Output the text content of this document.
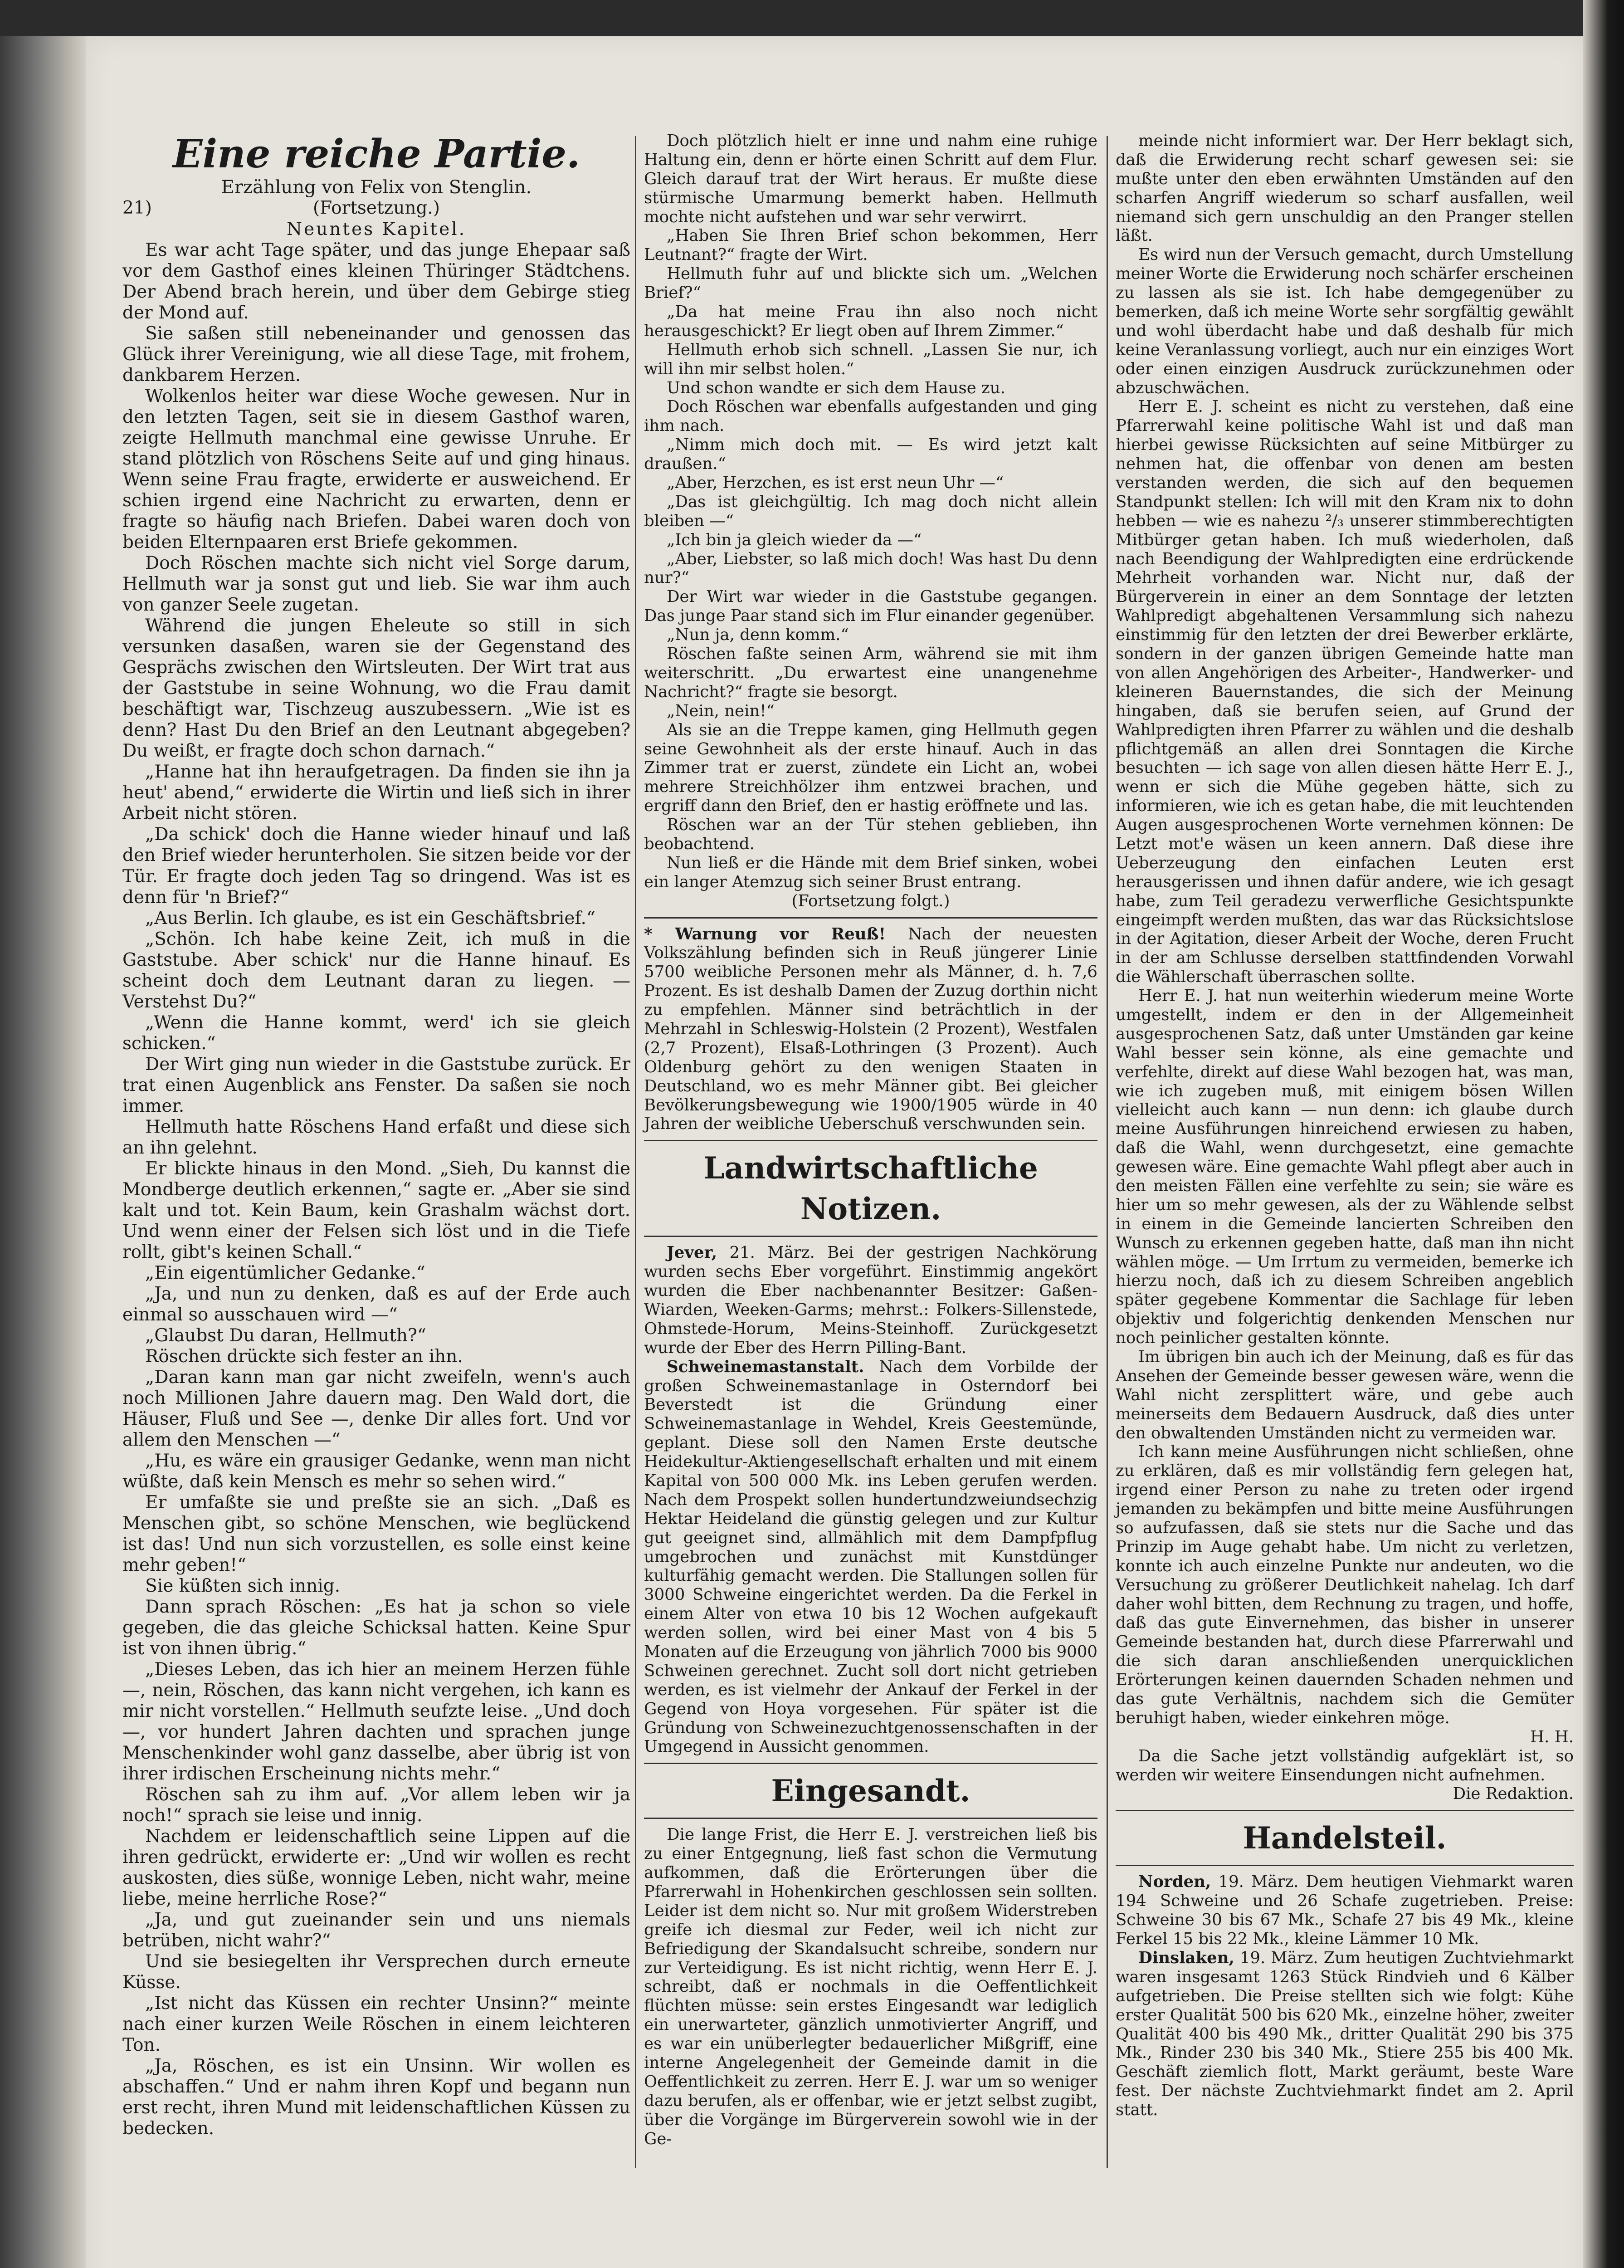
Eine reiche Partie.

Erzählung von Felix von Stenglin.

21)	(Fortsetzung.)

Neuntes Kapitel.

Es war acht Tage später, und das junge Ehepaar saß vor dem Gasthof eines kleinen Thüringer Städtchens. Der Abend brach herein, und über dem Gebirge stieg der Mond auf.

Sie saßen still nebeneinander und genossen das Glück ihrer Vereinigung, wie all diese Tage, mit frohem, dankbarem Herzen.

Wolkenlos heiter war diese Woche gewesen. Nur in den letzten Tagen, seit sie in diesem Gasthof waren, zeigte Hellmuth manchmal eine gewisse Unruhe. Er stand plötzlich von Röschens Seite auf und ging hinaus. Wenn seine Frau fragte, erwiderte er ausweichend. Er schien irgend eine Nachricht zu erwarten, denn er fragte so häufig nach Briefen. Dabei waren doch von beiden Elternpaaren erst Briefe gekommen.

Doch Röschen machte sich nicht viel Sorge darum, Hellmuth war ja sonst gut und lieb. Sie war ihm auch von ganzer Seele zugetan.

Während die jungen Eheleute so still in sich versunken dasaßen, waren sie der Gegenstand des Gesprächs zwischen den Wirtsleuten. Der Wirt trat aus der Gaststube in seine Wohnung, wo die Frau damit beschäftigt war, Tischzeug auszubessern. „Wie ist es denn? Hast Du den Brief an den Leutnant abgegeben? Du weißt, er fragte doch schon darnach.“

„Hanne hat ihn heraufgetragen. Da finden sie ihn ja heut' abend,“ erwiderte die Wirtin und ließ sich in ihrer Arbeit nicht stören.

„Da schick' doch die Hanne wieder hinauf und laß den Brief wieder herunterholen. Sie sitzen beide vor der Tür. Er fragte doch jeden Tag so dringend. Was ist es denn für 'n Brief?“

„Aus Berlin. Ich glaube, es ist ein Geschäftsbrief.“

„Schön. Ich habe keine Zeit, ich muß in die Gaststube. Aber schick' nur die Hanne hinauf. Es scheint doch dem Leutnant daran zu liegen. — Verstehst Du?“

„Wenn die Hanne kommt, werd' ich sie gleich schicken.“

Der Wirt ging nun wieder in die Gaststube zurück. Er trat einen Augenblick ans Fenster. Da saßen sie noch immer.

Hellmuth hatte Röschens Hand erfaßt und diese sich an ihn gelehnt.

Er blickte hinaus in den Mond. „Sieh, Du kannst die Mondberge deutlich erkennen,“ sagte er. „Aber sie sind kalt und tot. Kein Baum, kein Grashalm wächst dort. Und wenn einer der Felsen sich löst und in die Tiefe rollt, gibt's keinen Schall.“

„Ein eigentümlicher Gedanke.“

„Ja, und nun zu denken, daß es auf der Erde auch einmal so ausschauen wird —“

„Glaubst Du daran, Hellmuth?“

Röschen drückte sich fester an ihn.

„Daran kann man gar nicht zweifeln, wenn's auch noch Millionen Jahre dauern mag. Den Wald dort, die Häuser, Fluß und See —, denke Dir alles fort. Und vor allem den Menschen —“

„Hu, es wäre ein grausiger Gedanke, wenn man nicht wüßte, daß kein Mensch es mehr so sehen wird.“

Er umfaßte sie und preßte sie an sich. „Daß es Menschen gibt, so schöne Menschen, wie beglückend ist das! Und nun sich vorzustellen, es solle einst keine mehr geben!“

Sie küßten sich innig.

Dann sprach Röschen: „Es hat ja schon so viele gegeben, die das gleiche Schicksal hatten. Keine Spur ist von ihnen übrig.“

„Dieses Leben, das ich hier an meinem Herzen fühle —, nein, Röschen, das kann nicht vergehen, ich kann es mir nicht vorstellen.“ Hellmuth seufzte leise. „Und doch —, vor hundert Jahren dachten und sprachen junge Menschenkinder wohl ganz dasselbe, aber übrig ist von ihrer irdischen Erscheinung nichts mehr.“

Röschen sah zu ihm auf. „Vor allem leben wir ja noch!“ sprach sie leise und innig.

Nachdem er leidenschaftlich seine Lippen auf die ihren gedrückt, erwiderte er: „Und wir wollen es recht auskosten, dies süße, wonnige Leben, nicht wahr, meine liebe, meine herrliche Rose?“

„Ja, und gut zueinander sein und uns niemals betrüben, nicht wahr?“

Und sie besiegelten ihr Versprechen durch erneute Küsse.

„Ist nicht das Küssen ein rechter Unsinn?“ meinte nach einer kurzen Weile Röschen in einem leichteren Ton.

„Ja, Röschen, es ist ein Unsinn. Wir wollen es abschaffen.“ Und er nahm ihren Kopf und begann nun erst recht, ihren Mund mit leidenschaftlichen Küssen zu bedecken.

Doch plötzlich hielt er inne und nahm eine ruhige Haltung ein, denn er hörte einen Schritt auf dem Flur. Gleich darauf trat der Wirt heraus. Er mußte diese stürmische Umarmung bemerkt haben. Hellmuth mochte nicht aufstehen und war sehr verwirrt.

„Haben Sie Ihren Brief schon bekommen, Herr Leutnant?“ fragte der Wirt.

Hellmuth fuhr auf und blickte sich um. „Welchen Brief?“

„Da hat meine Frau ihn also noch nicht herausgeschickt? Er liegt oben auf Ihrem Zimmer.“

Hellmuth erhob sich schnell. „Lassen Sie nur, ich will ihn mir selbst holen.“

Und schon wandte er sich dem Hause zu.

Doch Röschen war ebenfalls aufgestanden und ging ihm nach.

„Nimm mich doch mit. — Es wird jetzt kalt draußen.“

„Aber, Herzchen, es ist erst neun Uhr —“

„Das ist gleichgültig. Ich mag doch nicht allein bleiben —“

„Ich bin ja gleich wieder da —“

„Aber, Liebster, so laß mich doch! Was hast Du denn nur?“

Der Wirt war wieder in die Gaststube gegangen. Das junge Paar stand sich im Flur einander gegenüber.

„Nun ja, denn komm.“

Röschen faßte seinen Arm, während sie mit ihm weiterschritt. „Du erwartest eine unangenehme Nachricht?“ fragte sie besorgt.

„Nein, nein!“

Als sie an die Treppe kamen, ging Hellmuth gegen seine Gewohnheit als der erste hinauf. Auch in das Zimmer trat er zuerst, zündete ein Licht an, wobei mehrere Streichhölzer ihm entzwei brachen, und ergriff dann den Brief, den er hastig eröffnete und las.

Röschen war an der Tür stehen geblieben, ihn beobachtend.

Nun ließ er die Hände mit dem Brief sinken, wobei ein langer Atemzug sich seiner Brust entrang.

(Fortsetzung folgt.)

* Warnung vor Reuß! Nach der neuesten Volkszählung befinden sich in Reuß jüngerer Linie 5700 weibliche Personen mehr als Männer, d. h. 7,6 Prozent. Es ist deshalb Damen der Zuzug dorthin nicht zu empfehlen. Männer sind beträchtlich in der Mehrzahl in Schleswig-Holstein (2 Prozent), Westfalen (2,7 Prozent), Elsaß-Lothringen (3 Prozent). Auch Oldenburg gehört zu den wenigen Staaten in Deutschland, wo es mehr Männer gibt. Bei gleicher Bevölkerungsbewegung wie 1900/1905 würde in 40 Jahren der weibliche Ueberschuß verschwunden sein.

Landwirtschaftliche Notizen.

Jever, 21. März. Bei der gestrigen Nachkörung wurden sechs Eber vorgeführt. Einstimmig angekört wurden die Eber nachbenannter Besitzer: Gaßen-Wiarden, Weeken-Garms; mehrst.: Folkers-Sillenstede, Ohmstede-Horum, Meins-Steinhoff. Zurückgesetzt wurde der Eber des Herrn Pilling-Bant.

Schweinemastanstalt. Nach dem Vorbilde der großen Schweinemastanlage in Osterndorf bei Beverstedt ist die Gründung einer Schweinemastanlage in Wehdel, Kreis Geestemünde, geplant. Diese soll den Namen Erste deutsche Heidekultur-Aktiengesellschaft erhalten und mit einem Kapital von 500 000 Mk. ins Leben gerufen werden. Nach dem Prospekt sollen hundertundzweiundsechzig Hektar Heideland die günstig gelegen und zur Kultur gut geeignet sind, allmählich mit dem Dampfpflug umgebrochen und zunächst mit Kunstdünger kulturfähig gemacht werden. Die Stallungen sollen für 3000 Schweine eingerichtet werden. Da die Ferkel in einem Alter von etwa 10 bis 12 Wochen aufgekauft werden sollen, wird bei einer Mast von 4 bis 5 Monaten auf die Erzeugung von jährlich 7000 bis 9000 Schweinen gerechnet. Zucht soll dort nicht getrieben werden, es ist vielmehr der Ankauf der Ferkel in der Gegend von Hoya vorgesehen. Für später ist die Gründung von Schweinezuchtgenossenschaften in der Umgegend in Aussicht genommen.

Eingesandt.

Die lange Frist, die Herr E. J. verstreichen ließ bis zu einer Entgegnung, ließ fast schon die Vermutung aufkommen, daß die Erörterungen über die Pfarrerwahl in Hohenkirchen geschlossen sein sollten. Leider ist dem nicht so. Nur mit großem Widerstreben greife ich diesmal zur Feder, weil ich nicht zur Befriedigung der Skandalsucht schreibe, sondern nur zur Verteidigung. Es ist nicht richtig, wenn Herr E. J. schreibt, daß er nochmals in die Oeffentlichkeit flüchten müsse: sein erstes Eingesandt war lediglich ein unerwarteter, gänzlich unmotivierter Angriff, und es war ein unüberlegter bedauerlicher Mißgriff, eine interne Angelegenheit der Gemeinde damit in die Oeffentlichkeit zu zerren. Herr E. J. war um so weniger dazu berufen, als er offenbar, wie er jetzt selbst zugibt, über die Vorgänge im Bürgerverein sowohl wie in der Ge-

meinde nicht informiert war. Der Herr beklagt sich, daß die Erwiderung recht scharf gewesen sei: sie mußte unter den eben erwähnten Umständen auf den scharfen Angriff wiederum so scharf ausfallen, weil niemand sich gern unschuldig an den Pranger stellen läßt.

Es wird nun der Versuch gemacht, durch Umstellung meiner Worte die Erwiderung noch schärfer erscheinen zu lassen als sie ist. Ich habe demgegenüber zu bemerken, daß ich meine Worte sehr sorgfältig gewählt und wohl überdacht habe und daß deshalb für mich keine Veranlassung vorliegt, auch nur ein einziges Wort oder einen einzigen Ausdruck zurückzunehmen oder abzuschwächen.

Herr E. J. scheint es nicht zu verstehen, daß eine Pfarrerwahl keine politische Wahl ist und daß man hierbei gewisse Rücksichten auf seine Mitbürger zu nehmen hat, die offenbar von denen am besten verstanden werden, die sich auf den bequemen Standpunkt stellen: Ich will mit den Kram nix to dohn hebben — wie es nahezu ²/₃ unserer stimmberechtigten Mitbürger getan haben. Ich muß wiederholen, daß nach Beendigung der Wahlpredigten eine erdrückende Mehrheit vorhanden war. Nicht nur, daß der Bürgerverein in einer an dem Sonntage der letzten Wahlpredigt abgehaltenen Versammlung sich nahezu einstimmig für den letzten der drei Bewerber erklärte, sondern in der ganzen übrigen Gemeinde hatte man von allen Angehörigen des Arbeiter-, Handwerker- und kleineren Bauernstandes, die sich der Meinung hingaben, daß sie berufen seien, auf Grund der Wahlpredigten ihren Pfarrer zu wählen und die deshalb pflichtgemäß an allen drei Sonntagen die Kirche besuchten — ich sage von allen diesen hätte Herr E. J., wenn er sich die Mühe gegeben hätte, sich zu informieren, wie ich es getan habe, die mit leuchtenden Augen ausgesprochenen Worte vernehmen können: De Letzt mot'e wäsen un keen annern. Daß diese ihre Ueberzeugung den einfachen Leuten erst herausgerissen und ihnen dafür andere, wie ich gesagt habe, zum Teil geradezu verwerfliche Gesichtspunkte eingeimpft werden mußten, das war das Rücksichtslose in der Agitation, dieser Arbeit der Woche, deren Frucht in der am Schlusse derselben stattfindenden Vorwahl die Wählerschaft überraschen sollte.

Herr E. J. hat nun weiterhin wiederum meine Worte umgestellt, indem er den in der Allgemeinheit ausgesprochenen Satz, daß unter Umständen gar keine Wahl besser sein könne, als eine gemachte und verfehlte, direkt auf diese Wahl bezogen hat, was man, wie ich zugeben muß, mit einigem bösen Willen vielleicht auch kann — nun denn: ich glaube durch meine Ausführungen hinreichend erwiesen zu haben, daß die Wahl, wenn durchgesetzt, eine gemachte gewesen wäre. Eine gemachte Wahl pflegt aber auch in den meisten Fällen eine verfehlte zu sein; sie wäre es hier um so mehr gewesen, als der zu Wählende selbst in einem in die Gemeinde lancierten Schreiben den Wunsch zu erkennen gegeben hatte, daß man ihn nicht wählen möge. — Um Irrtum zu vermeiden, bemerke ich hierzu noch, daß ich zu diesem Schreiben angeblich später gegebene Kommentar die Sachlage für leben objektiv und folgerichtig denkenden Menschen nur noch peinlicher gestalten könnte.

Im übrigen bin auch ich der Meinung, daß es für das Ansehen der Gemeinde besser gewesen wäre, wenn die Wahl nicht zersplittert wäre, und gebe auch meinerseits dem Bedauern Ausdruck, daß dies unter den obwaltenden Umständen nicht zu vermeiden war.

Ich kann meine Ausführungen nicht schließen, ohne zu erklären, daß es mir vollständig fern gelegen hat, irgend einer Person zu nahe zu treten oder irgend jemanden zu bekämpfen und bitte meine Ausführungen so aufzufassen, daß sie stets nur die Sache und das Prinzip im Auge gehabt habe. Um nicht zu verletzen, konnte ich auch einzelne Punkte nur andeuten, wo die Versuchung zu größerer Deutlichkeit nahelag. Ich darf daher wohl bitten, dem Rechnung zu tragen, und hoffe, daß das gute Einvernehmen, das bisher in unserer Gemeinde bestanden hat, durch diese Pfarrerwahl und die sich daran anschließenden unerquicklichen Erörterungen keinen dauernden Schaden nehmen und das gute Verhältnis, nachdem sich die Gemüter beruhigt haben, wieder einkehren möge.

H. H.

Da die Sache jetzt vollständig aufgeklärt ist, so werden wir weitere Einsendungen nicht aufnehmen.

Die Redaktion.

Handelsteil.

Norden, 19. März. Dem heutigen Viehmarkt waren 194 Schweine und 26 Schafe zugetrieben. Preise: Schweine 30 bis 67 Mk., Schafe 27 bis 49 Mk., kleine Ferkel 15 bis 22 Mk., kleine Lämmer 10 Mk.

Dinslaken, 19. März. Zum heutigen Zuchtviehmarkt waren insgesamt 1263 Stück Rindvieh und 6 Kälber aufgetrieben. Die Preise stellten sich wie folgt: Kühe erster Qualität 500 bis 620 Mk., einzelne höher, zweiter Qualität 400 bis 490 Mk., dritter Qualität 290 bis 375 Mk., Rinder 230 bis 340 Mk., Stiere 255 bis 400 Mk. Geschäft ziemlich flott, Markt geräumt, beste Ware fest. Der nächste Zuchtviehmarkt findet am 2. April statt.
